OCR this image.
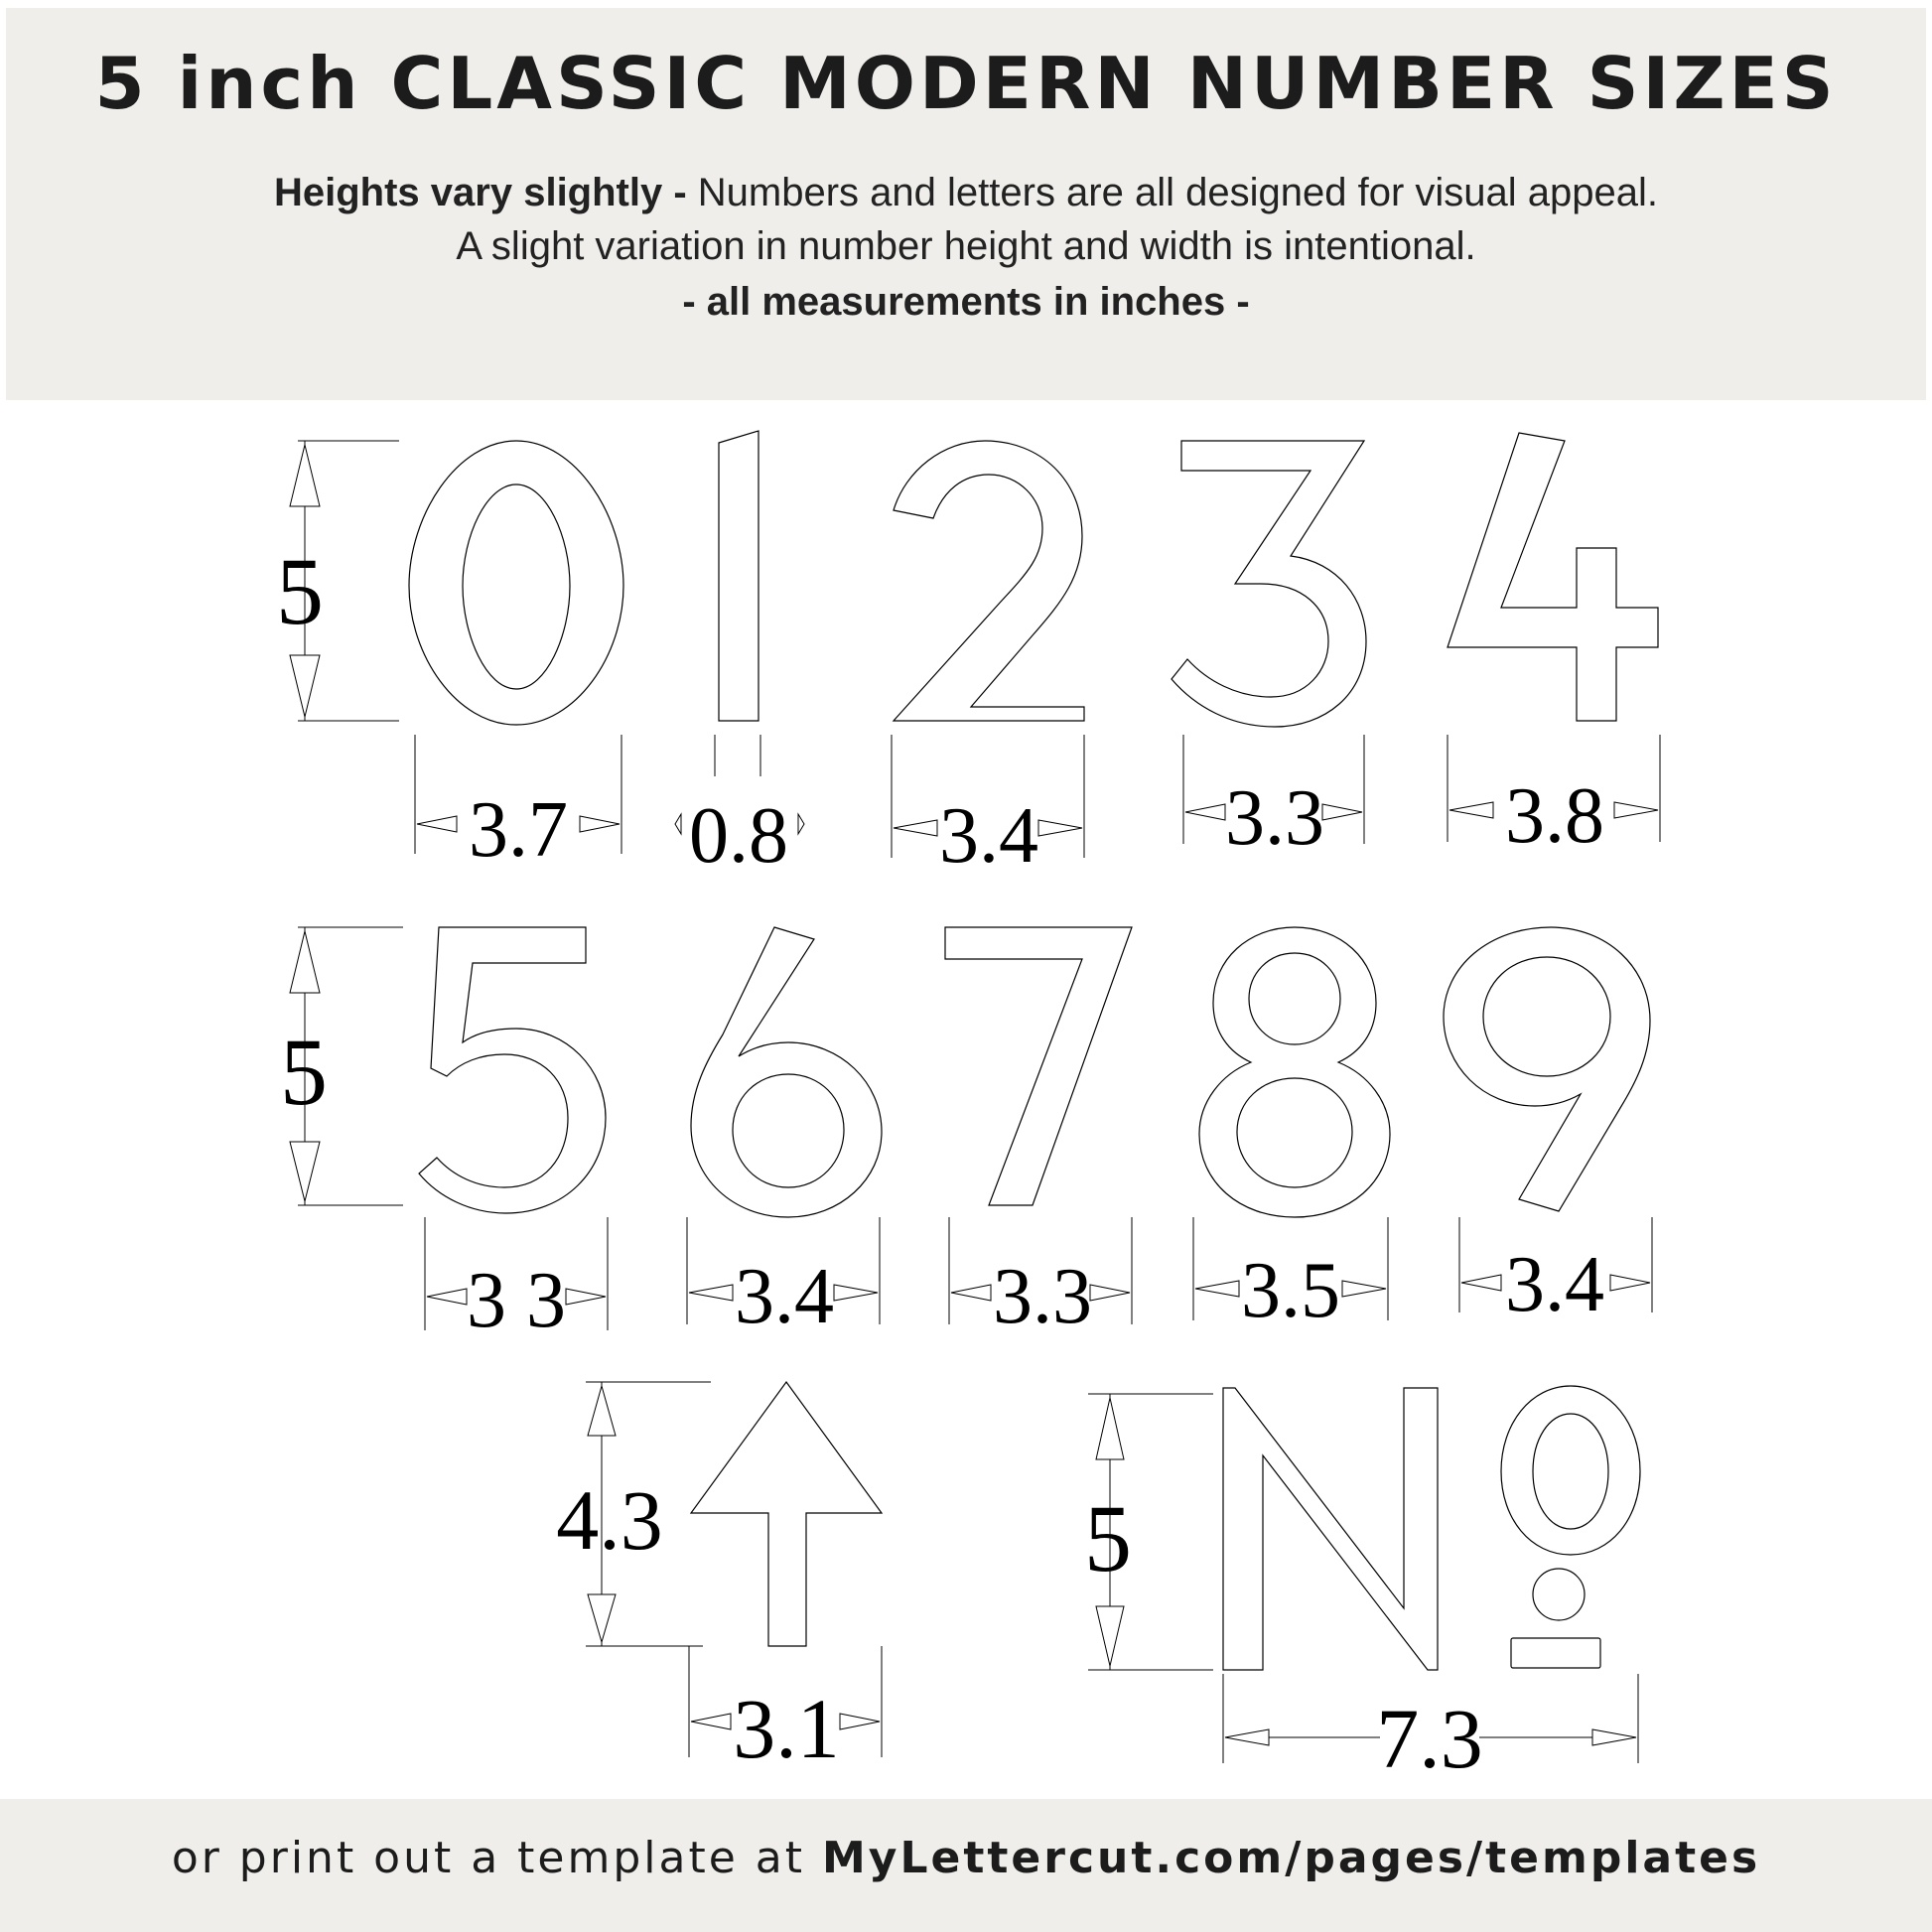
5 inch CLASSIC MODERN NUMBER SIZES
Heights vary slightly - Numbers and letters are all designed for visual appeal.
A slight variation in number height and width is intentional.
- all measurements in inches -
5
3.7 0.8 3.4 3.3 3.8
5
3 3 3.4 3.3 3.5 3.4
4.3
3.1
5
7.3
or print out a template at MyLettercut.com/pages/templates
